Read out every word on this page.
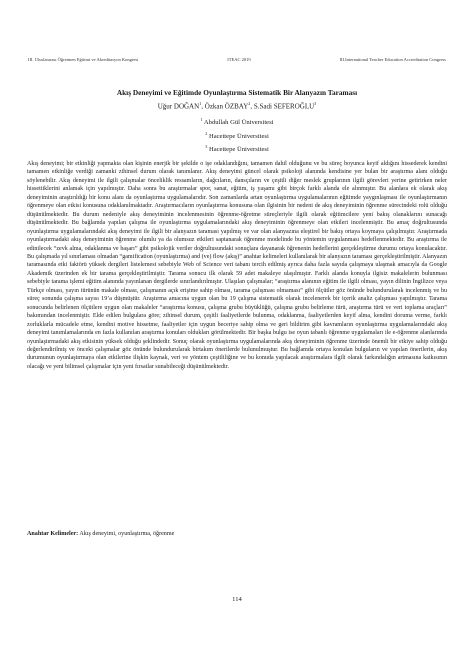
III. Uluslararası Öğretmen Eğitimi ve Akreditasyon Kongresi	ITEAC 2019	III.International Teacher Education Accreditation Congress
Akış Deneyimi ve Eğitimde Oyunlaştırma Sistematik Bir Alanyazın Taraması
Uğur DOĞAN$^1$, Özkan ÖZBAY$^2$, S.Sadi SEFEROĞLU$^3$
$^1$ Abdullah Gül Üniversitesi
$^2$ Hacettepe Üniversitesi
$^3$ Hacettepe Üniversitesi

Akış deneyimi; bir etkinliği yapmakta olan kişinin enerjik bir şekilde o işe odaklandığını, tamamen dahil olduğunu ve bu süreç boyunca keyif aldığını hissederek kendini tamamen etkinliğe verdiği zamanki zihinsel durum olarak tanımlanır. Akış deneyimi güncel olarak psikoloji alanında kendisine yer bulan bir araştırma alanı olduğu söylenebilir. Akış deneyimi ile ilgili çalışmalar önceliklik ressamların, dağcıların, dansçıların ve çeşitli diğer meslek gruplarının ilgili görevleri yerine getirirken neler hissettiklerini anlamak için yapılmıştır. Daha sonra bu araştırmalar spor, sanat, eğitim, iş yaşamı gibi birçok farklı alanda ele alınmıştır. Bu alanlara ek olarak akış deneyiminin araştırıldığı bir konu alanı da oyunlaştırma uygulamalarıdır. Son zamanlarda artan oyunlaştırma uygulamalarının eğitimde yaygınlaşması ile oyunlaştırmanın öğrenmeye olan etkisi konusuna odaklanılmaktadır. Araştırmacıların oyunlaştırma konusuna olan ilgisinin bir nedeni de akış deneyiminin öğrenme sürecindeki rolü olduğu düşünülmektedir. Bu durum nedeniyle akış deneyiminin incelenmesinin öğrenme-öğretme süreçleriyle ilgili olarak eğitimcilere yeni bakış olanaklarını sunacağı düşünülmektedir. Bu bağlamda yapılan çalışma ile oyunlaştırma uygulamalarındaki akış deneyiminin öğrenmeye olan etkileri incelenmiştir. Bu amaç doğrultusunda oyunlaştırma uygulamalarındaki akış deneyimi ile ilgili bir alanyazın taraması yapılmış ve var olan alanyazına eleştirel bir bakış ortaya koymaya çalışılmıştır. Araştırmada oyunlaştırmadaki akış deneyiminin öğrenme olumlu ya da olumsuz etkileri saptanarak öğrenme modelinde bu yöntemin uygulanması hedeflenmektedir. Bu araştırma ile edinilecek “zevk alma, odaklanma ve başarı” gibi psikolojik veriler doğrultusundaki sonuçlara dayanarak öğrenenin hedeflerini gerçekleştirme durumu ortaya konulacaktır. Bu çalışmada yıl sınırlaması olmadan “gamification (oyunlaştırma) and (ve) flow (akış)” anahtar kelimeleri kullanılarak bir alanyazın taraması gerçekleştirilmiştir. Alanyazın taramasında etki faktörü yüksek dergileri listelemesi sebebiyle Web of Science veri tabanı tercih edilmiş ayrıca daha fazla sayıda çalışmaya ulaşmak amacıyla da Google Akademik üzerinden ek bir tarama gerçekleştirilmiştir. Tarama sonucu ilk olarak 59 adet makaleye ulaşılmıştır. Farklı alanda konuyla ilgisiz makalelerin bulunması sebebiyle tarama işlemi eğitim alanında yayınlanan dergilerde sınırlandırılmıştır. Ulaşılan çalışmalar; “araştırma alanının eğitim ile ilgili olması, yayın dilinin İngilizce veya Türkçe olması, yayın türünün makale olması, çalışmanın açık erişime sahip olması, tarama çalışması olmaması” gibi ölçütler göz önünde bulundurularak incelenmiş ve bu süreç sonunda çalışma sayısı 19’a düşmüştür. Araştırma amacına uygun olan bu 19 çalışma sistematik olarak incelenerek bir içerik analiz çalışması yapılmıştır. Tarama sonucunda belirlenen ölçütlere uygun olan makaleler “araştırma konusu, çalışma grubu büyüklüğü, çalışma grubu belirleme türü, araştırma türü ve veri toplama araçları” bakımından incelenmiştir. Elde edilen bulgulara göre; zihinsel durum, çeşitli faaliyetlerde bulunma, odaklanma, faaliyetlerden keyif alma, kendini doruma verme, farklı zorluklarla mücadele etme, kendini motive hissetme, faaliyetler için uygun beceriye sahip olma ve geri bildirim gibi kavramların oyunlaştırma uygulamalarındaki akış deneyimi tanımlamalarında en fazla kullanılan araştırma konuları oldukları görülmektedir. Bir başka bulgu ise oyun tabanlı öğrenme uygulamaları ile e-öğrenme alanlarında oyunlaştırmadaki akış etkisinin yüksek olduğu şeklindedir. Sonuç olarak oyunlaştırma uygulamalarında akış deneyiminin öğrenme üzerinde önemli bir etkiye sahip olduğu değerlendirilmiş ve önceki çalışmalar göz önünde bulundurularak birtakım önerilerde bulunulmuştur. Bu bağlamda ortaya konulan bulguların ve yapılan önerilerin, akış durumunun oyunlaştırmaya olan etkilerine ilişkin kaynak, veri ve yöntem çeşitliliğine ve bu konuda yapılacak araştırmalara ilgili olarak farkındalığın artmasına katkısının olacağı ve yeni bilimsel çalışmalar için yeni fırsatlar sunabileceği düşünülmektedir.

Anahtar Kelimeler: Akış deneyimi, oyunlaştırma, öğrenme
114
